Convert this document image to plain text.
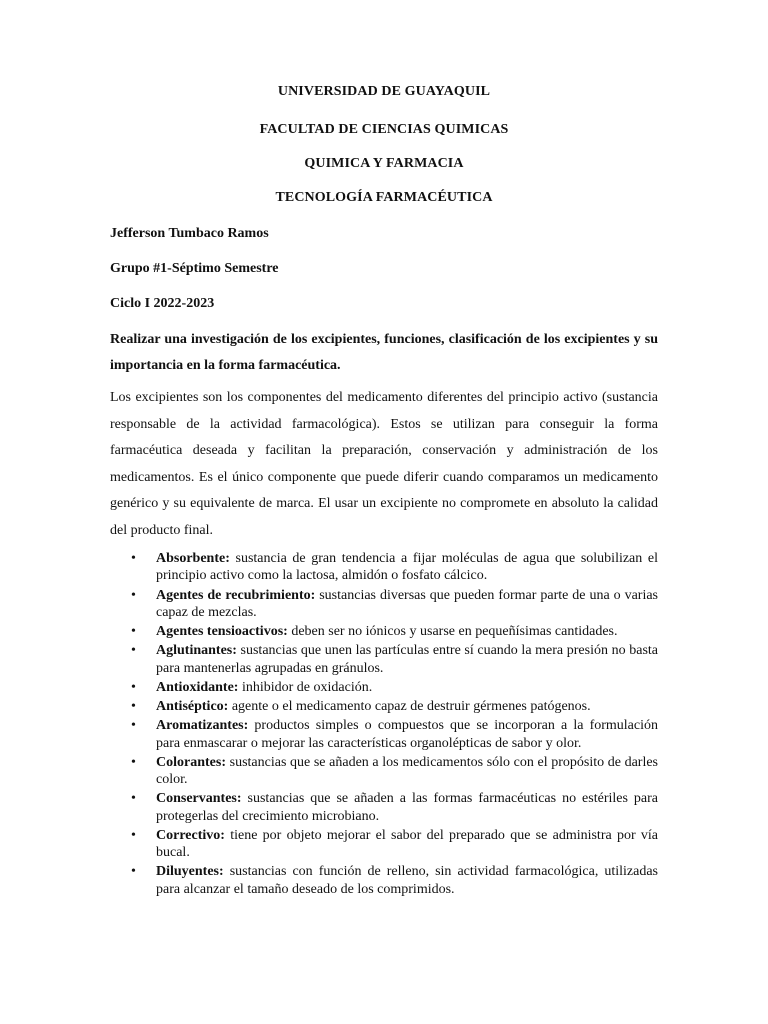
UNIVERSIDAD DE GUAYAQUIL
FACULTAD DE CIENCIAS QUIMICAS
QUIMICA Y FARMACIA
TECNOLOGÍA FARMACÉUTICA
Jefferson Tumbaco Ramos
Grupo #1-Séptimo Semestre
Ciclo I 2022-2023
Realizar una investigación de los excipientes, funciones, clasificación de los excipientes y su importancia en la forma farmacéutica.
Los excipientes son los componentes del medicamento diferentes del principio activo (sustancia responsable de la actividad farmacológica). Estos se utilizan para conseguir la forma farmacéutica deseada y facilitan la preparación, conservación y administración de los medicamentos. Es el único componente que puede diferir cuando comparamos un medicamento genérico y su equivalente de marca. El usar un excipiente no compromete en absoluto la calidad del producto final.
• Absorbente: sustancia de gran tendencia a fijar moléculas de agua que solubilizan el principio activo como la lactosa, almidón o fosfato cálcico.
• Agentes de recubrimiento: sustancias diversas que pueden formar parte de una o varias capaz de mezclas.
• Agentes tensioactivos: deben ser no iónicos y usarse en pequeñísimas cantidades.
• Aglutinantes: sustancias que unen las partículas entre sí cuando la mera presión no basta para mantenerlas agrupadas en gránulos.
• Antioxidante: inhibidor de oxidación.
• Antiséptico: agente o el medicamento capaz de destruir gérmenes patógenos.
• Aromatizantes: productos simples o compuestos que se incorporan a la formulación para enmascarar o mejorar las características organolépticas de sabor y olor.
• Colorantes: sustancias que se añaden a los medicamentos sólo con el propósito de darles color.
• Conservantes: sustancias que se añaden a las formas farmacéuticas no estériles para protegerlas del crecimiento microbiano.
• Correctivo: tiene por objeto mejorar el sabor del preparado que se administra por vía bucal.
• Diluyentes: sustancias con función de relleno, sin actividad farmacológica, utilizadas para alcanzar el tamaño deseado de los comprimidos.
